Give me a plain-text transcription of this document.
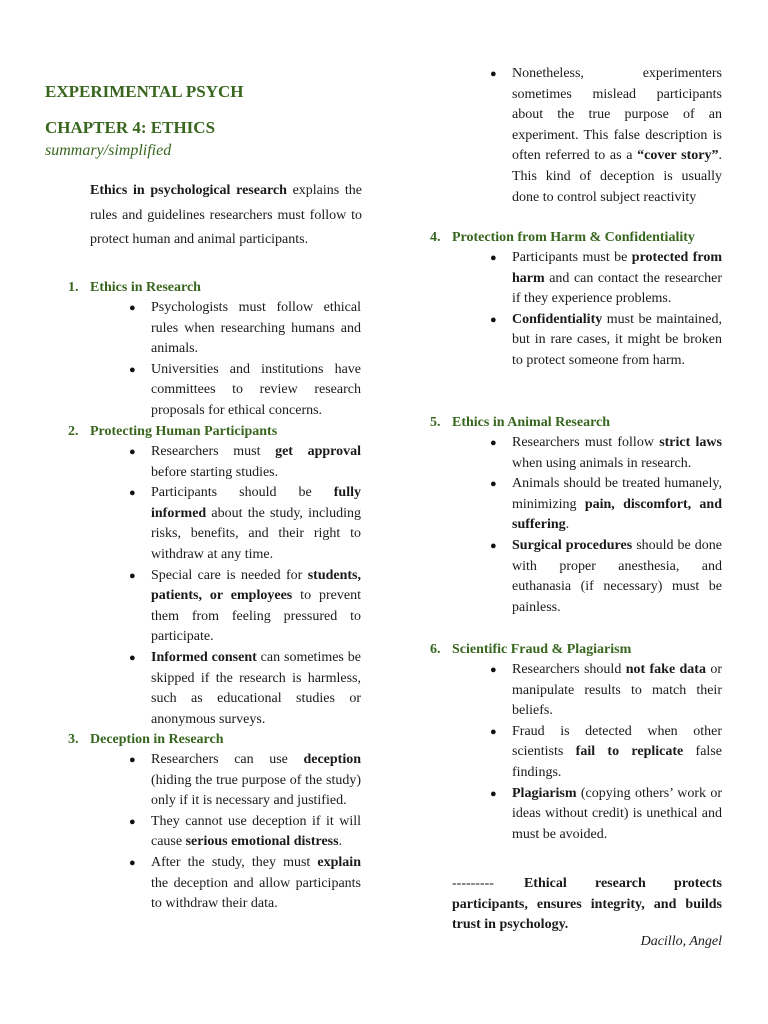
EXPERIMENTAL PSYCH
CHAPTER 4: ETHICS
summary/simplified

Ethics in psychological research explains the rules and guidelines researchers must follow to protect human and animal participants.

1. Ethics in Research
● Psychologists must follow ethical rules when researching humans and animals.
● Universities and institutions have committees to review research proposals for ethical concerns.
2. Protecting Human Participants
● Researchers must get approval before starting studies.
● Participants should be fully informed about the study, including risks, benefits, and their right to withdraw at any time.
● Special care is needed for students, patients, or employees to prevent them from feeling pressured to participate.
● Informed consent can sometimes be skipped if the research is harmless, such as educational studies or anonymous surveys.
3. Deception in Research
● Researchers can use deception (hiding the true purpose of the study) only if it is necessary and justified.
● They cannot use deception if it will cause serious emotional distress.
● After the study, they must explain the deception and allow participants to withdraw their data.
● Nonetheless, experimenters sometimes mislead participants about the true purpose of an experiment. This false description is often referred to as a “cover story”. This kind of deception is usually done to control subject reactivity
4. Protection from Harm & Confidentiality
● Participants must be protected from harm and can contact the researcher if they experience problems.
● Confidentiality must be maintained, but in rare cases, it might be broken to protect someone from harm.
5. Ethics in Animal Research
● Researchers must follow strict laws when using animals in research.
● Animals should be treated humanely, minimizing pain, discomfort, and suffering.
● Surgical procedures should be done with proper anesthesia, and euthanasia (if necessary) must be painless.
6. Scientific Fraud & Plagiarism
● Researchers should not fake data or manipulate results to match their beliefs.
● Fraud is detected when other scientists fail to replicate false findings.
● Plagiarism (copying others’ work or ideas without credit) is unethical and must be avoided.

--------- Ethical research protects participants, ensures integrity, and builds trust in psychology.

Dacillo, Angel
